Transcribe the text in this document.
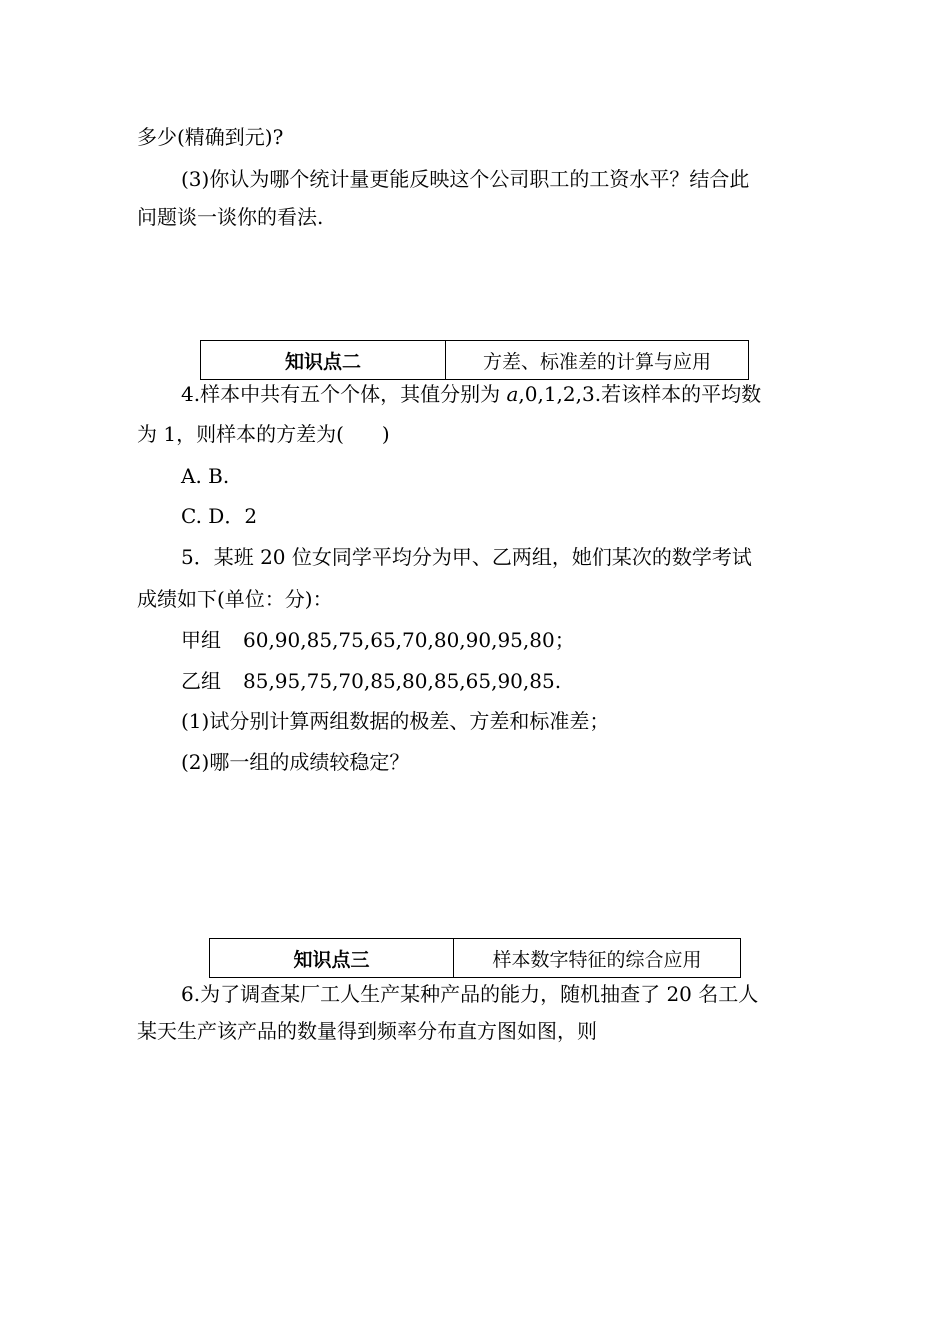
多少(精确到元)?
(3)你认为哪个统计量更能反映这个公司职工的工资水平？结合此
问题谈一谈你的看法.
知识点二	方差、标准差的计算与应用
4.样本中共有五个个体，其值分别为 a,0,1,2,3.若该样本的平均数
为 1，则样本的方差为( )
A. B.
C. D．2
5．某班 20 位女同学平均分为甲、乙两组，她们某次的数学考试
成绩如下(单位：分)：
甲组 60,90,85,75,65,70,80,90,95,80；
乙组 85,95,75,70,85,80,85,65,90,85.
(1)试分别计算两组数据的极差、方差和标准差；
(2)哪一组的成绩较稳定？
知识点三	样本数字特征的综合应用
6.为了调查某厂工人生产某种产品的能力，随机抽查了 20 名工人
某天生产该产品的数量得到频率分布直方图如图，则
